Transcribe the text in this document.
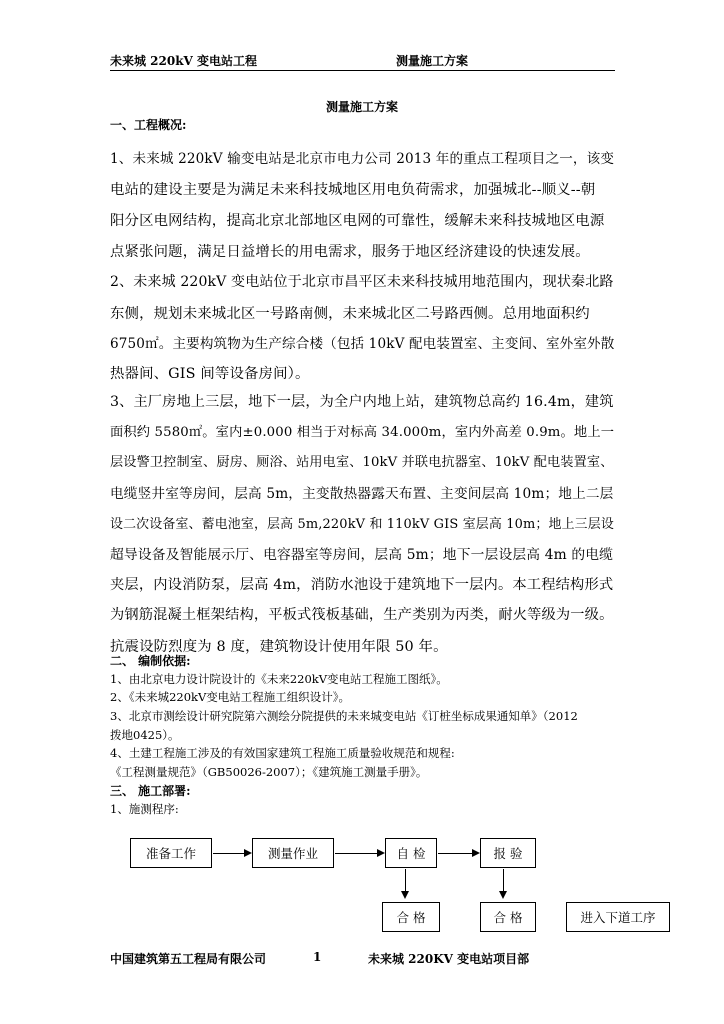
未来城 220kV 变电站工程	测量施工方案
测量施工方案
一、工程概况:
1、未来城 220kV 输变电站是北京市电力公司 2013 年的重点工程项目之一，该变
电站的建设主要是为满足未来科技城地区用电负荷需求，加强城北--顺义--朝
阳分区电网结构，提高北京北部地区电网的可靠性，缓解未来科技城地区电源
点紧张问题，满足日益增长的用电需求，服务于地区经济建设的快速发展。
2、未来城 220kV 变电站位于北京市昌平区未来科技城用地范围内，现状秦北路
东侧，规划未来城北区一号路南侧，未来城北区二号路西侧。总用地面积约
6750㎡。主要构筑物为生产综合楼（包括 10kV 配电装置室、主变间、室外室外散
热器间、GIS 间等设备房间）。
3、主厂房地上三层，地下一层，为全户内地上站，建筑物总高约 16.4m，建筑
面积约 5580㎡。室内±0.000 相当于对标高 34.000m，室内外高差 0.9m。地上一
层设警卫控制室、厨房、厕浴、站用电室、10kV 并联电抗器室、10kV 配电装置室、
电缆竖井室等房间，层高 5m，主变散热器露天布置、主变间层高 10m；地上二层
设二次设备室、蓄电池室，层高 5m,220kV 和 110kV GIS 室层高 10m；地上三层设
超导设备及智能展示厅、电容器室等房间，层高 5m；地下一层设层高 4m 的电缆
夹层，内设消防泵，层高 4m，消防水池设于建筑地下一层内。本工程结构形式
为钢筋混凝土框架结构，平板式筏板基础，生产类别为丙类，耐火等级为一级。
抗震设防烈度为 8 度，建筑物设计使用年限 50 年。
二、 编制依据:
1、由北京电力设计院设计的《未来220kV变电站工程施工图纸》。
2、《未来城220kV变电站工程施工组织设计》。
3、北京市测绘设计研究院第六测绘分院提供的未来城变电站《订桩坐标成果通知单》（2012
拨地0425）。
4、土建工程施工涉及的有效国家建筑工程施工质量验收规范和规程:
《工程测量规范》（GB50026-2007）；《建筑施工测量手册》。
三、 施工部署:
1、施测程序:
准备工作	测量作业	自 检	报 验
合 格	合 格	进入下道工序
中国建筑第五工程局有限公司	1	未来城 220KV 变电站项目部
